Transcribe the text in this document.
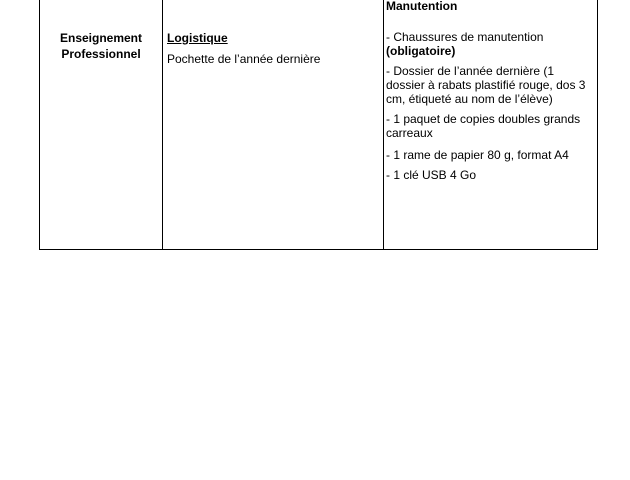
Enseignement Professionnel
Logistique
Pochette de l’année dernière
Manutention
- Chaussures de manutention
(obligatoire)
- Dossier de l’année dernière (1 dossier à rabats plastifié rouge, dos 3 cm, étiqueté au nom de l’élève)
- 1 paquet de copies doubles grands carreaux
- 1 rame de papier 80 g, format A4
- 1 clé USB 4 Go
